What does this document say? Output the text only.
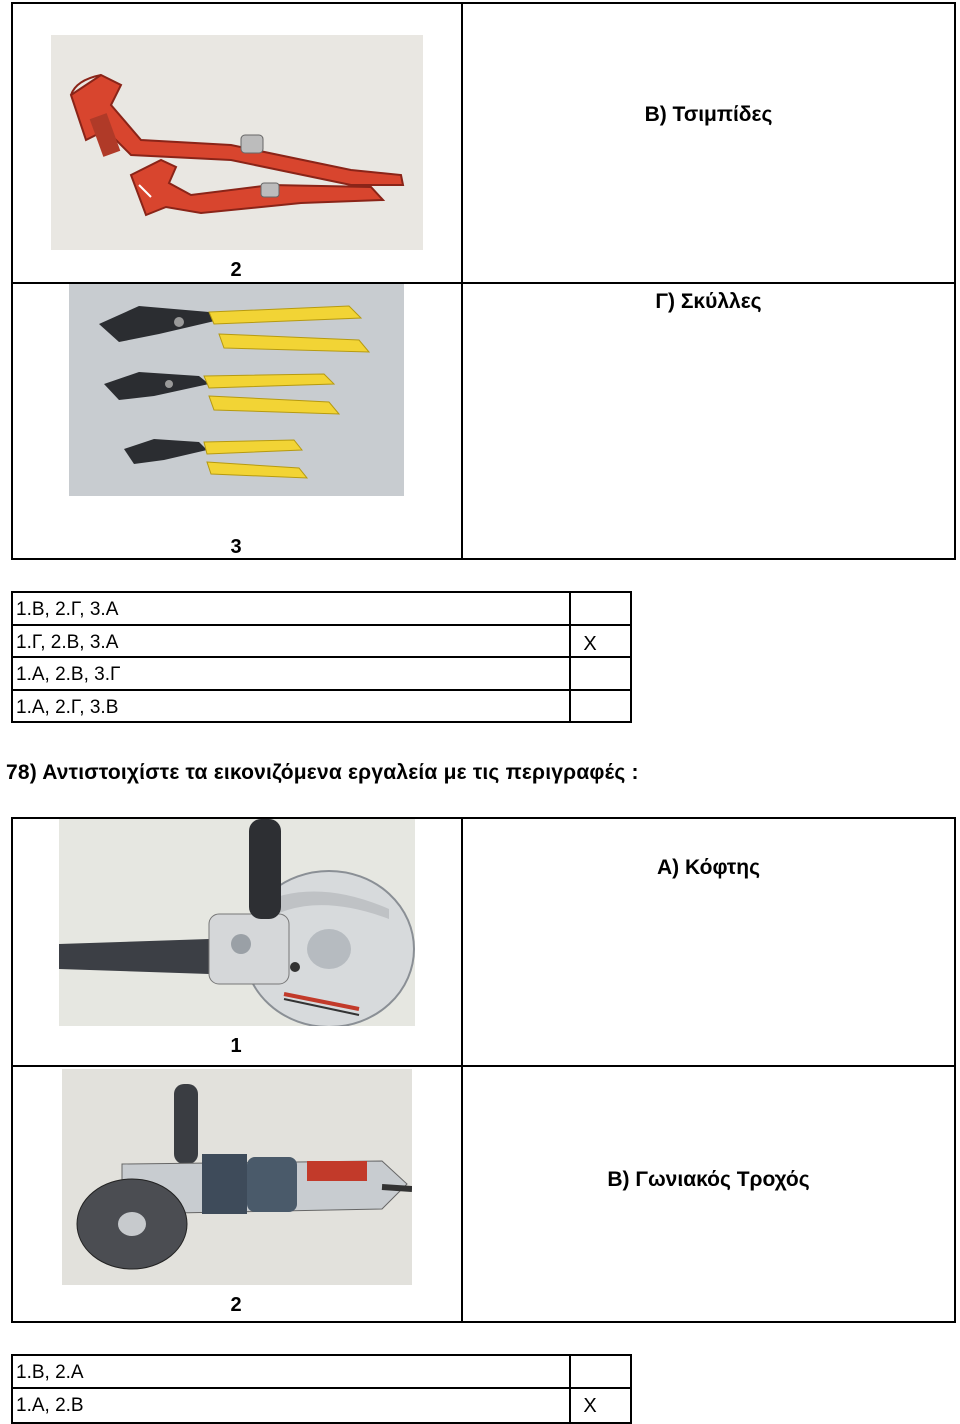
2
Β) Τσιμπίδες
3
Γ) Σκύλλες
1.Β, 2.Γ, 3.Α
1.Γ, 2.Β, 3.Α
1.Α, 2.Β, 3.Γ
1.Α, 2.Γ, 3.Β
Χ
78) Αντιστοιχίστε τα εικονιζόμενα εργαλεία με τις περιγραφές :
1
Α) Κόφτης
2
Β) Γωνιακός Τροχός
1.Β, 2.Α
1.Α, 2.Β	Χ
